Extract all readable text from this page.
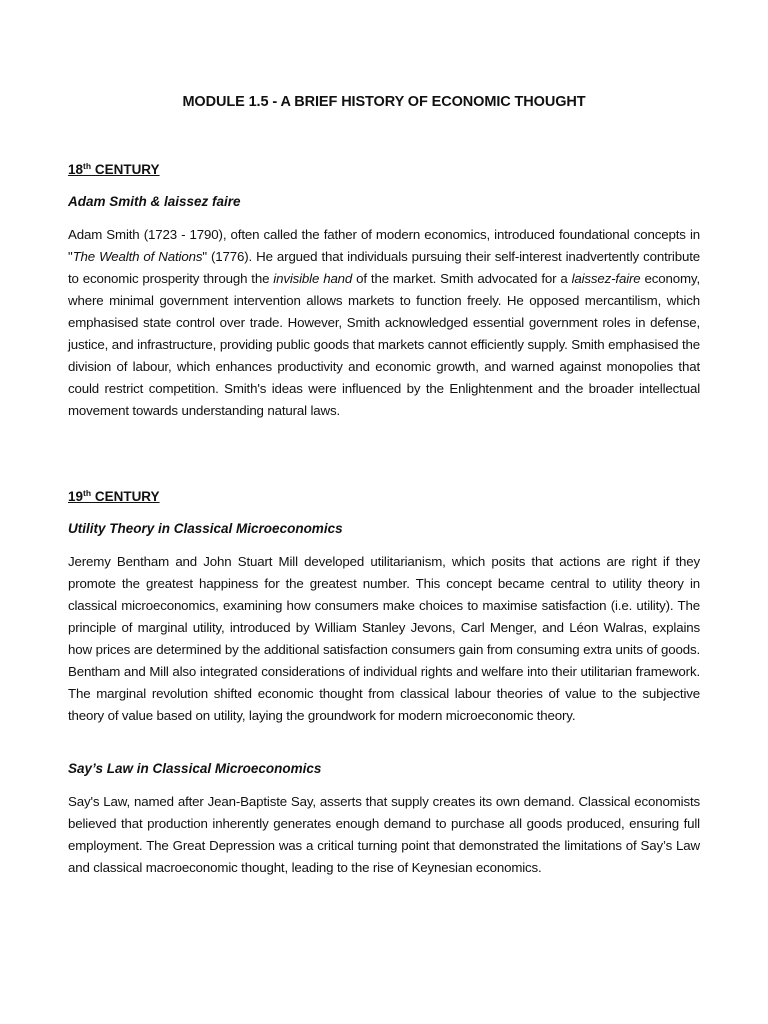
MODULE 1.5 - A BRIEF HISTORY OF ECONOMIC THOUGHT
18th CENTURY
Adam Smith & laissez faire
Adam Smith (1723 - 1790), often called the father of modern economics, introduced foundational concepts in "The Wealth of Nations" (1776). He argued that individuals pursuing their self-interest inadvertently contribute to economic prosperity through the invisible hand of the market. Smith advocated for a laissez-faire economy, where minimal government intervention allows markets to function freely. He opposed mercantilism, which emphasised state control over trade. However, Smith acknowledged essential government roles in defense, justice, and infrastructure, providing public goods that markets cannot efficiently supply. Smith emphasised the division of labour, which enhances productivity and economic growth, and warned against monopolies that could restrict competition. Smith's ideas were influenced by the Enlightenment and the broader intellectual movement towards understanding natural laws.
19th CENTURY
Utility Theory in Classical Microeconomics
Jeremy Bentham and John Stuart Mill developed utilitarianism, which posits that actions are right if they promote the greatest happiness for the greatest number. This concept became central to utility theory in classical microeconomics, examining how consumers make choices to maximise satisfaction (i.e. utility). The principle of marginal utility, introduced by William Stanley Jevons, Carl Menger, and Léon Walras, explains how prices are determined by the additional satisfaction consumers gain from consuming extra units of goods. Bentham and Mill also integrated considerations of individual rights and welfare into their utilitarian framework. The marginal revolution shifted economic thought from classical labour theories of value to the subjective theory of value based on utility, laying the groundwork for modern microeconomic theory.
Say’s Law in Classical Microeconomics
Say's Law, named after Jean-Baptiste Say, asserts that supply creates its own demand. Classical economists believed that production inherently generates enough demand to purchase all goods produced, ensuring full employment. The Great Depression was a critical turning point that demonstrated the limitations of Say’s Law and classical macroeconomic thought, leading to the rise of Keynesian economics.
